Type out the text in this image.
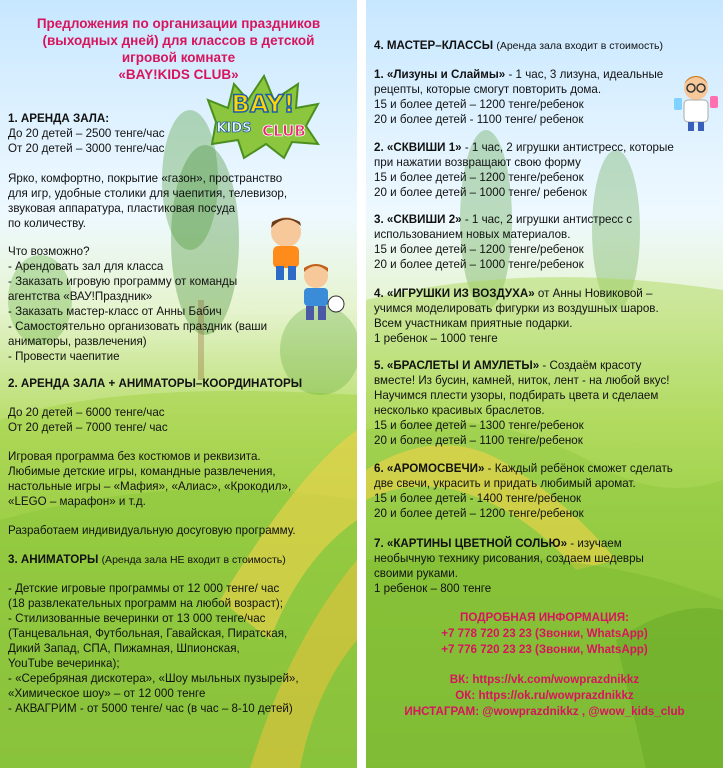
BAY!
KIDS CLUB
Предложения по организации праздников
(выходных дней) для классов в детской
игровой комнате
«BAY!KIDS CLUB»
1. АРЕНДА ЗАЛА:
До 20 детей – 2500 тенге/час
От 20 детей – 3000 тенге/час
Ярко, комфортно, покрытие «газон», пространство
для игр, удобные столики для чаепития, телевизор,
звуковая аппаратура, пластиковая посуда
по количеству.
Что возможно?
- Арендовать зал для класса
- Заказать игровую программу от команды
агентства «ВАУ!Праздник»
- Заказать мастер-класс от Анны Бабич
- Самостоятельно организовать праздник (ваши
аниматоры, развлечения)
- Провести чаепитие
2. АРЕНДА ЗАЛА + АНИМАТОРЫ–КООРДИНАТОРЫ
До 20 детей – 6000 тенге/час
От 20 детей – 7000 тенге/ час
Игровая программа без костюмов и реквизита.
Любимые детские игры, командные развлечения,
настольные игры – «Мафия», «Алиас», «Крокодил»,
«LEGO – марафон» и т.д.
Разработаем индивидуальную досуговую программу.
3. АНИМАТОРЫ (Аренда зала НЕ входит в стоимость)
- Детские игровые программы от 12 000 тенге/ час
(18 развлекательных программ на любой возраст);
- Стилизованные вечеринки от 13 000 тенге/час
(Танцевальная, Футбольная, Гавайская, Пиратская,
Дикий Запад, СПА, Пижамная, Шпионская,
YouTube вечеринка);
- «Серебряная дискотера», «Шоу мыльных пузырей»,
«Химическое шоу» – от 12 000 тенге
- АКВАГРИМ - от 5000 тенге/ час (в час – 8-10 детей)
4. МАСТЕР–КЛАССЫ (Аренда зала входит в стоимость)
1. «Лизуны и Слаймы» - 1 час, 3 лизуна, идеальные
рецепты, которые смогут повторить дома.
15 и более детей – 1200 тенге/ребенок
20 и более детей - 1100 тенге/ ребенок
2. «СКВИШИ 1» - 1 час, 2 игрушки антистресс, которые
при нажатии возвращают свою форму
15 и более детей – 1200 тенге/ребенок
20 и более детей – 1000 тенге/ ребенок
3. «СКВИШИ 2» - 1 час, 2 игрушки антистресс с
использованием новых материалов.
15 и более детей – 1200 тенге/ребенок
20 и более детей – 1000 тенге/ребенок
4. «ИГРУШКИ ИЗ ВОЗДУХА» от Анны Новиковой –
учимся моделировать фигурки из воздушных шаров.
Всем участникам приятные подарки.
1 ребенок – 1000 тенге
5. «БРАСЛЕТЫ И АМУЛЕТЫ» - Создаём красоту
вместе! Из бусин, камней, ниток, лент - на любой вкус!
Научимся плести узоры, подбирать цвета и сделаем
несколько красивых браслетов.
15 и более детей – 1300 тенге/ребенок
20 и более детей – 1100 тенге/ребенок
6. «АРОМОСВЕЧИ» - Каждый ребёнок сможет сделать
две свечи, украсить и придать любимый аромат.
15 и более детей - 1400 тенге/ребенок
20 и более детей – 1200 тенге/ребенок
7. «КАРТИНЫ ЦВЕТНОЙ СОЛЬЮ» - изучаем
необычную технику рисования, создаем шедевры
своими руками.
1 ребенок – 800 тенге
ПОДРОБНАЯ ИНФОРМАЦИЯ:
+7 778 720 23 23 (Звонки, WhatsApp)
+7 776 720 23 23 (Звонки, WhatsApp)
ВК: https://vk.com/wowprazdnikkz
ОК: https://ok.ru/wowprazdnikkz
ИНСТАГРАМ: @wowprazdnikkz , @wow_kids_club
